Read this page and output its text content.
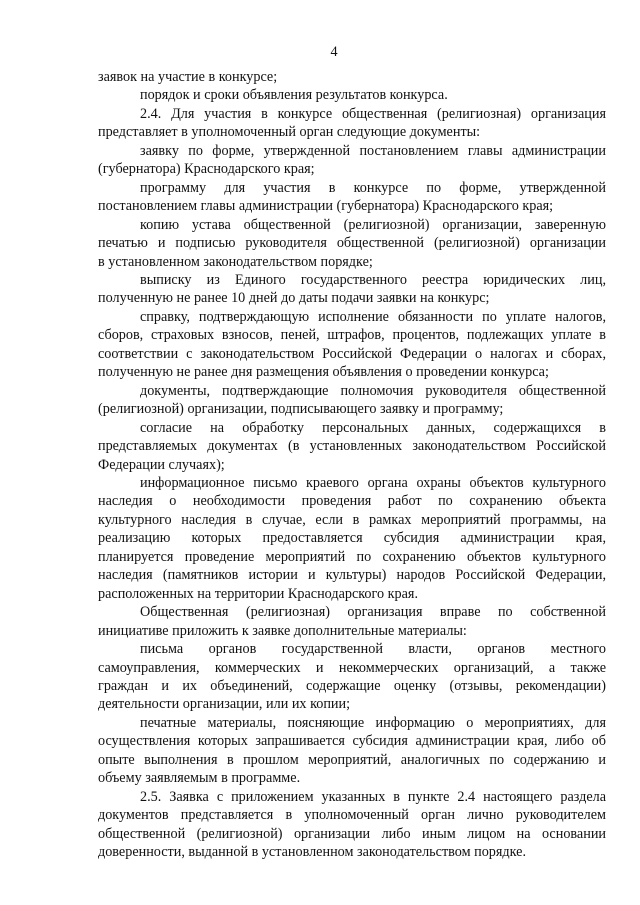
4

заявок на участие в конкурсе;

порядок и сроки объявления результатов конкурса.

2.4. Для участия в конкурсе общественная (религиозная) организация
представляет в уполномоченный орган следующие документы:

заявку по форме, утвержденной постановлением главы администрации
(губернатора) Краснодарского края;

программу для участия в конкурсе по форме, утвержденной
постановлением главы администрации (губернатора) Краснодарского края;

копию устава общественной (религиозной) организации, заверенную
печатью и подписью руководителя общественной (религиозной) организации
в установленном законодательством порядке;

выписку из Единого государственного реестра юридических лиц,
полученную не ранее 10 дней до даты подачи заявки на конкурс;

справку, подтверждающую исполнение обязанности по уплате налогов,
сборов, страховых взносов, пеней, штрафов, процентов, подлежащих уплате в
соответствии с законодательством Российской Федерации о налогах и сборах,
полученную не ранее дня размещения объявления о проведении конкурса;

документы, подтверждающие полномочия руководителя общественной
(религиозной) организации, подписывающего заявку и программу;

согласие на обработку персональных данных, содержащихся в
представляемых документах (в установленных законодательством Российской
Федерации случаях);

информационное письмо краевого органа охраны объектов культурного
наследия о необходимости проведения работ по сохранению объекта
культурного наследия в случае, если в рамках мероприятий программы, на
реализацию которых предоставляется субсидия администрации края,
планируется проведение мероприятий по сохранению объектов культурного
наследия (памятников истории и культуры) народов Российской Федерации,
расположенных на территории Краснодарского края.

Общественная (религиозная) организация вправе по собственной
инициативе приложить к заявке дополнительные материалы:

письма органов государственной власти, органов местного
самоуправления, коммерческих и некоммерческих организаций, а также
граждан и их объединений, содержащие оценку (отзывы, рекомендации)
деятельности организации, или их копии;

печатные материалы, поясняющие информацию о мероприятиях, для
осуществления которых запрашивается субсидия администрации края, либо об
опыте выполнения в прошлом мероприятий, аналогичных по содержанию и
объему заявляемым в программе.

2.5. Заявка с приложением указанных в пункте 2.4 настоящего раздела
документов представляется в уполномоченный орган лично руководителем
общественной (религиозной) организации либо иным лицом на основании
доверенности, выданной в установленном законодательством порядке.
